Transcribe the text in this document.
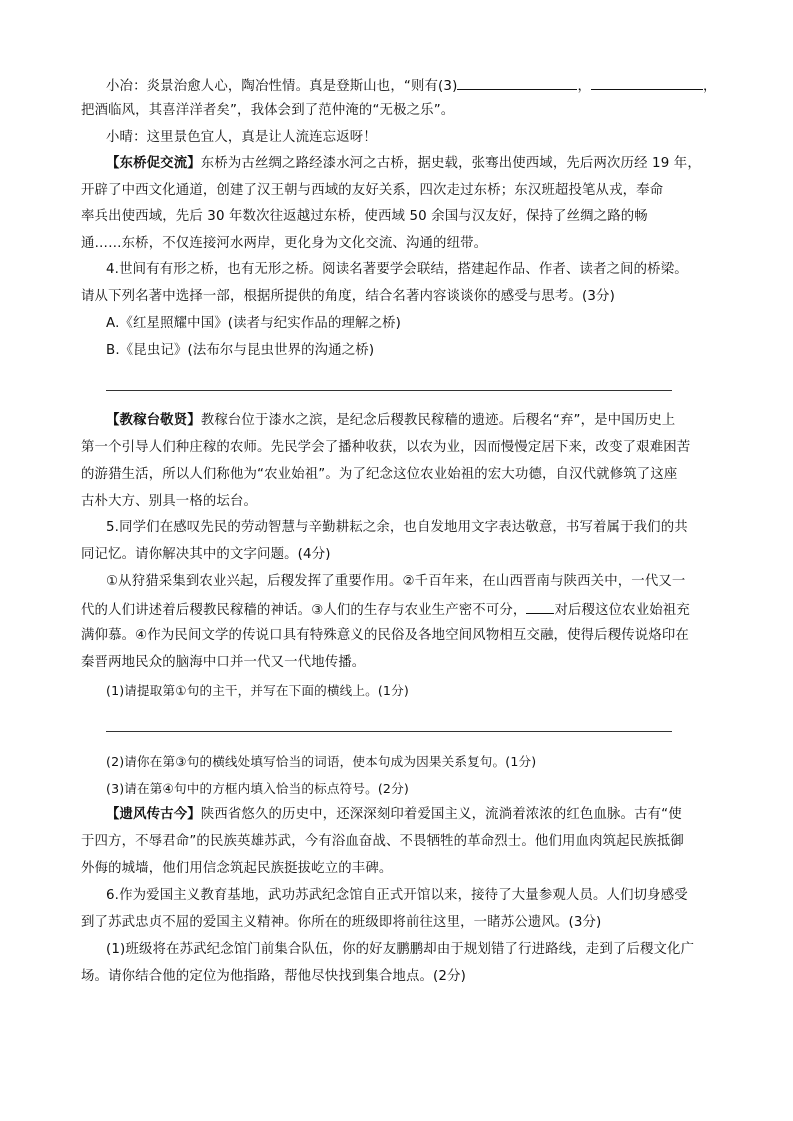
小冶：炎景治愈人心，陶冶性情。真是登斯山也，“则有(3)	，	，
把酒临风，其喜洋洋者矣”，我体会到了范仲淹的“无极之乐”。
小晴：这里景色宜人，真是让人流连忘返呀！
【东桥促交流】东桥为古丝绸之路经漆水河之古桥，据史载，张骞出使西域，先后两次历经 19 年，
开辟了中西文化通道，创建了汉王朝与西域的友好关系，四次走过东桥；东汉班超投笔从戎，奉命
率兵出使西域，先后 30 年数次往返越过东桥，使西域 50 余国与汉友好，保持了丝绸之路的畅
通……东桥，不仅连接河水两岸，更化身为文化交流、沟通的纽带。
4.世间有有形之桥，也有无形之桥。阅读名著要学会联结，搭建起作品、作者、读者之间的桥梁。
请从下列名著中选择一部，根据所提供的角度，结合名著内容谈谈你的感受与思考。(3分)
A.《红星照耀中国》(读者与纪实作品的理解之桥)
B.《昆虫记》(法布尔与昆虫世界的沟通之桥)
【教稼台敬贤】教稼台位于漆水之滨，是纪念后稷教民稼穑的遗迹。后稷名“弃”，是中国历史上
第一个引导人们种庄稼的农师。先民学会了播种收获，以农为业，因而慢慢定居下来，改变了艰难困苦
的游猎生活，所以人们称他为“农业始祖”。为了纪念这位农业始祖的宏大功德，自汉代就修筑了这座
古朴大方、别具一格的坛台。
5.同学们在感叹先民的劳动智慧与辛勤耕耘之余，也自发地用文字表达敬意，书写着属于我们的共
同记忆。请你解决其中的文字问题。(4分)
①从狩猎采集到农业兴起，后稷发挥了重要作用。②千百年来，在山西晋南与陕西关中，一代又一
代的人们讲述着后稷教民稼穑的神话。③人们的生存与农业生产密不可分， 对后稷这位农业始祖充
满仰慕。④作为民间文学的传说口具有特殊意义的民俗及各地空间风物相互交融，使得后稷传说烙印在
秦晋两地民众的脑海中口并一代又一代地传播。
(1)请提取第①句的主干，并写在下面的横线上。(1分)
(2)请你在第③句的横线处填写恰当的词语，使本句成为因果关系复句。(1分)
(3)请在第④句中的方框内填入恰当的标点符号。(2分)
【遗风传古今】陕西省悠久的历史中，还深深刻印着爱国主义，流淌着浓浓的红色血脉。古有“使
于四方，不辱君命”的民族英雄苏武，今有浴血奋战、不畏牺牲的革命烈士。他们用血肉筑起民族抵御
外侮的城墙，他们用信念筑起民族挺拔屹立的丰碑。
6.作为爱国主义教育基地，武功苏武纪念馆自正式开馆以来，接待了大量参观人员。人们切身感受
到了苏武忠贞不屈的爱国主义精神。你所在的班级即将前往这里，一睹苏公遗风。(3分)
(1)班级将在苏武纪念馆门前集合队伍，你的好友鹏鹏却由于规划错了行进路线，走到了后稷文化广
场。请你结合他的定位为他指路，帮他尽快找到集合地点。(2分)
